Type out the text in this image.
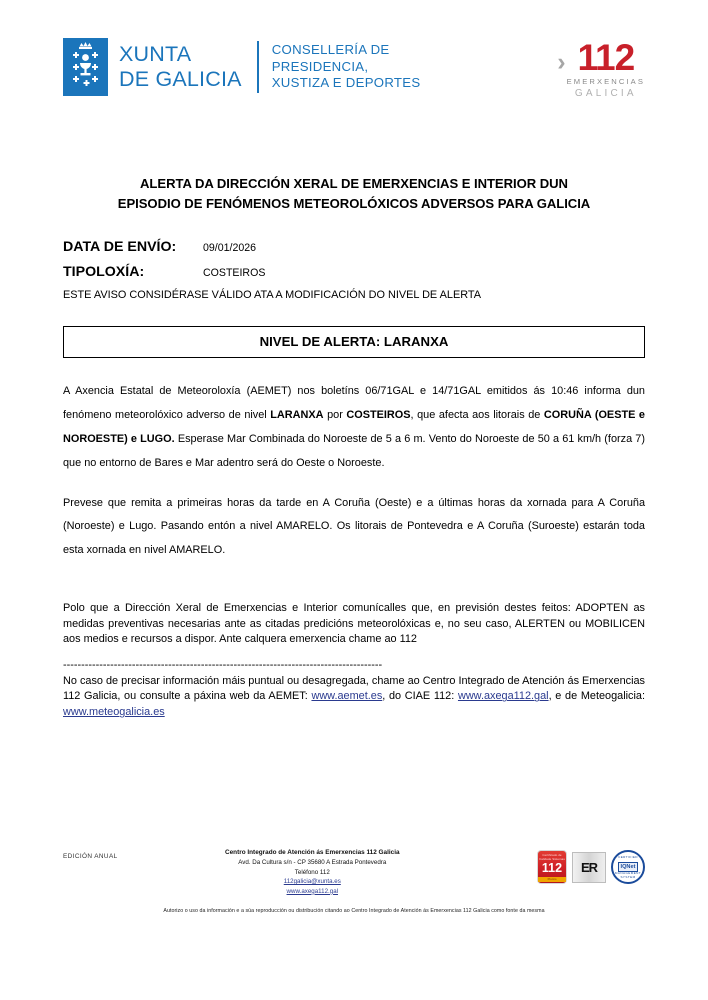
XUNTA
DE GALICIA
CONSELLERÍA DE
PRESIDENCIA,
XUSTIZA E DEPORTES
› 112
EMERXENCIAS
GALICIA
ALERTA DA DIRECCIÓN XERAL DE EMERXENCIAS E INTERIOR DUN
EPISODIO DE FENÓMENOS METEOROLÓXICOS ADVERSOS PARA GALICIA
DATA DE ENVÍO:	09/01/2026
TIPOLOXÍA:	COSTEIROS
ESTE AVISO CONSIDÉRASE VÁLIDO ATA A MODIFICACIÓN DO NIVEL DE ALERTA
NIVEL DE ALERTA: LARANXA

A Axencia Estatal de Meteoroloxía (AEMET) nos boletíns 06/71GAL e 14/71GAL emitidos ás 10:46 informa dun fenómeno meteorolóxico adverso de nivel LARANXA por COSTEIROS, que afecta aos litorais de CORUÑA (OESTE e NOROESTE) e LUGO. Esperase Mar Combinada do Noroeste de 5 a 6 m. Vento do Noroeste de 50 a 61 km/h (forza 7) que no entorno de Bares e Mar adentro será do Oeste o Noroeste.

Prevese que remita a primeiras horas da tarde en A Coruña (Oeste) e a últimas horas da xornada para A Coruña (Noroeste) e Lugo. Pasando entón a nivel AMARELO. Os litorais de Pontevedra e A Coruña (Suroeste) estarán toda esta xornada en nivel AMARELO.

Polo que a Dirección Xeral de Emerxencias e Interior comunícalles que, en previsión destes feitos: ADOPTEN as medidas preventivas necesarias ante as citadas predicións meteorolóxicas e, no seu caso, ALERTEN ou MOBILICEN aos medios e recursos a dispor. Ante calquera emerxencia chame ao 112

----------------------------------------------------------------------------------------

No caso de precisar información máis puntual ou desagregada, chame ao Centro Integrado de Atención ás Emerxencias 112 Galicia, ou consulte a páxina web da AEMET: www.aemet.es, do CIAE 112: www.axega112.gal, e de Meteogalicia: www.meteogalicia.es

EDICIÓN ANUAL
Centro Integrado de Atención ás Emerxencias 112 Galicia
Avd. Da Cultura s/n - CP 35680 A Estrada Pontevedra
Teléfono 112
112galicia@xunta.es
www.axega112.gal
Certificado de Calidade Sistemas
112
Premio
ER
CERTIFIED
IQNet
MANAGEMENT SYSTEM
Autorizo o uso da información e a súa reproducción ou distribución citando ao Centro Integrado de Atención ás Emerxencias 112 Galicia como fonte da mesma
